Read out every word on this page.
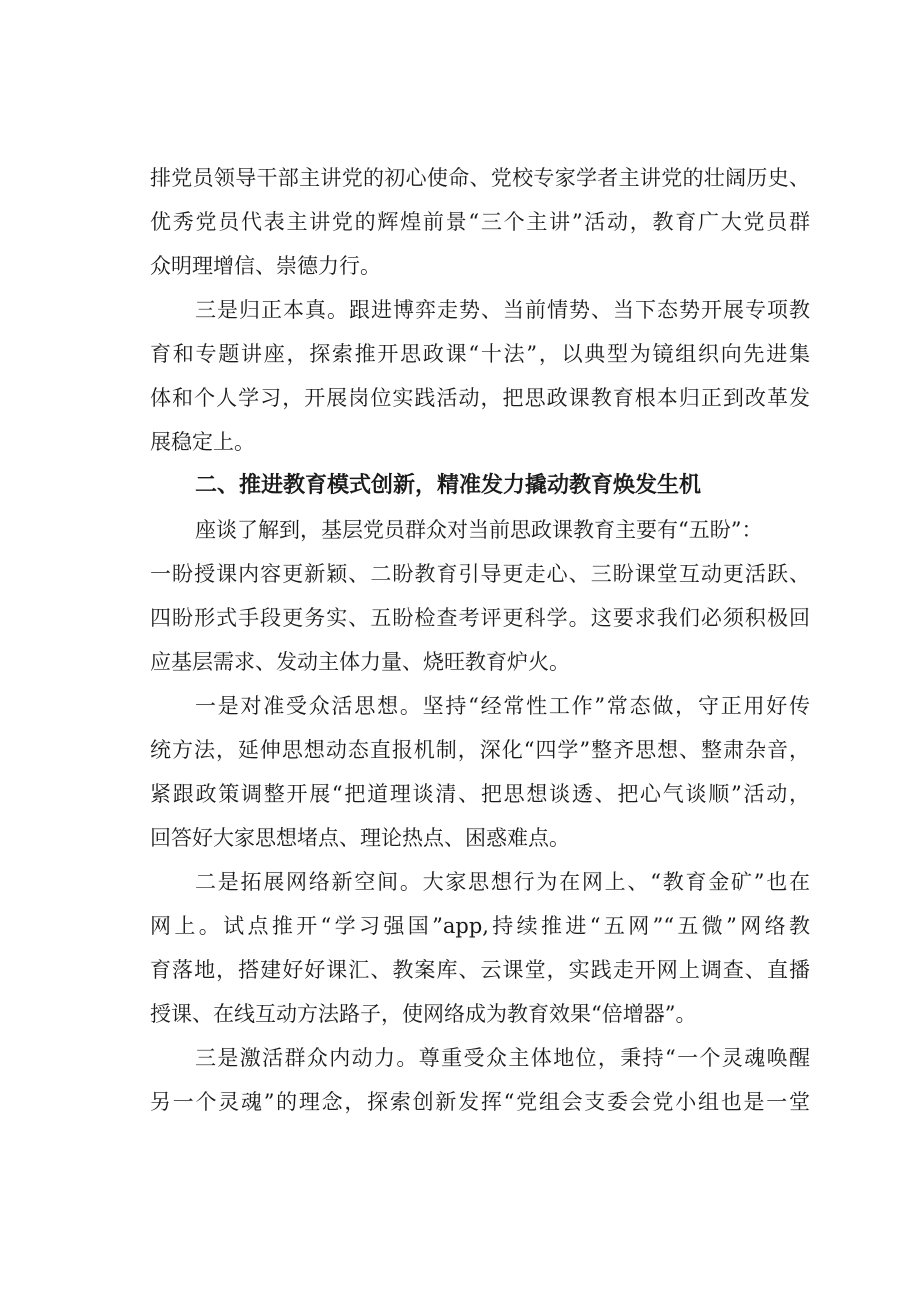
排党员领导干部主讲党的初心使命、党校专家学者主讲党的壮阔历史、
优秀党员代表主讲党的辉煌前景“三个主讲”活动，教育广大党员群
众明理增信、崇德力行。
三是归正本真。跟进博弈走势、当前情势、当下态势开展专项教
育和专题讲座，探索推开思政课“十法”，以典型为镜组织向先进集
体和个人学习，开展岗位实践活动，把思政课教育根本归正到改革发
展稳定上。
二、推进教育模式创新，精准发力撬动教育焕发生机
座谈了解到，基层党员群众对当前思政课教育主要有“五盼”：
一盼授课内容更新颖、二盼教育引导更走心、三盼课堂互动更活跃、
四盼形式手段更务实、五盼检查考评更科学。这要求我们必须积极回
应基层需求、发动主体力量、烧旺教育炉火。
一是对准受众活思想。坚持“经常性工作”常态做，守正用好传
统方法，延伸思想动态直报机制，深化“四学”整齐思想、整肃杂音，
紧跟政策调整开展“把道理谈清、把思想谈透、把心气谈顺”活动，
回答好大家思想堵点、理论热点、困惑难点。
二是拓展网络新空间。大家思想行为在网上、“教育金矿”也在
网上。试点推开“学习强国”app,持续推进“五网”“五微”网络教
育落地，搭建好好课汇、教案库、云课堂，实践走开网上调查、直播
授课、在线互动方法路子，使网络成为教育效果“倍增器”。
三是激活群众内动力。尊重受众主体地位，秉持“一个灵魂唤醒
另一个灵魂”的理念，探索创新发挥“党组会支委会党小组也是一堂
